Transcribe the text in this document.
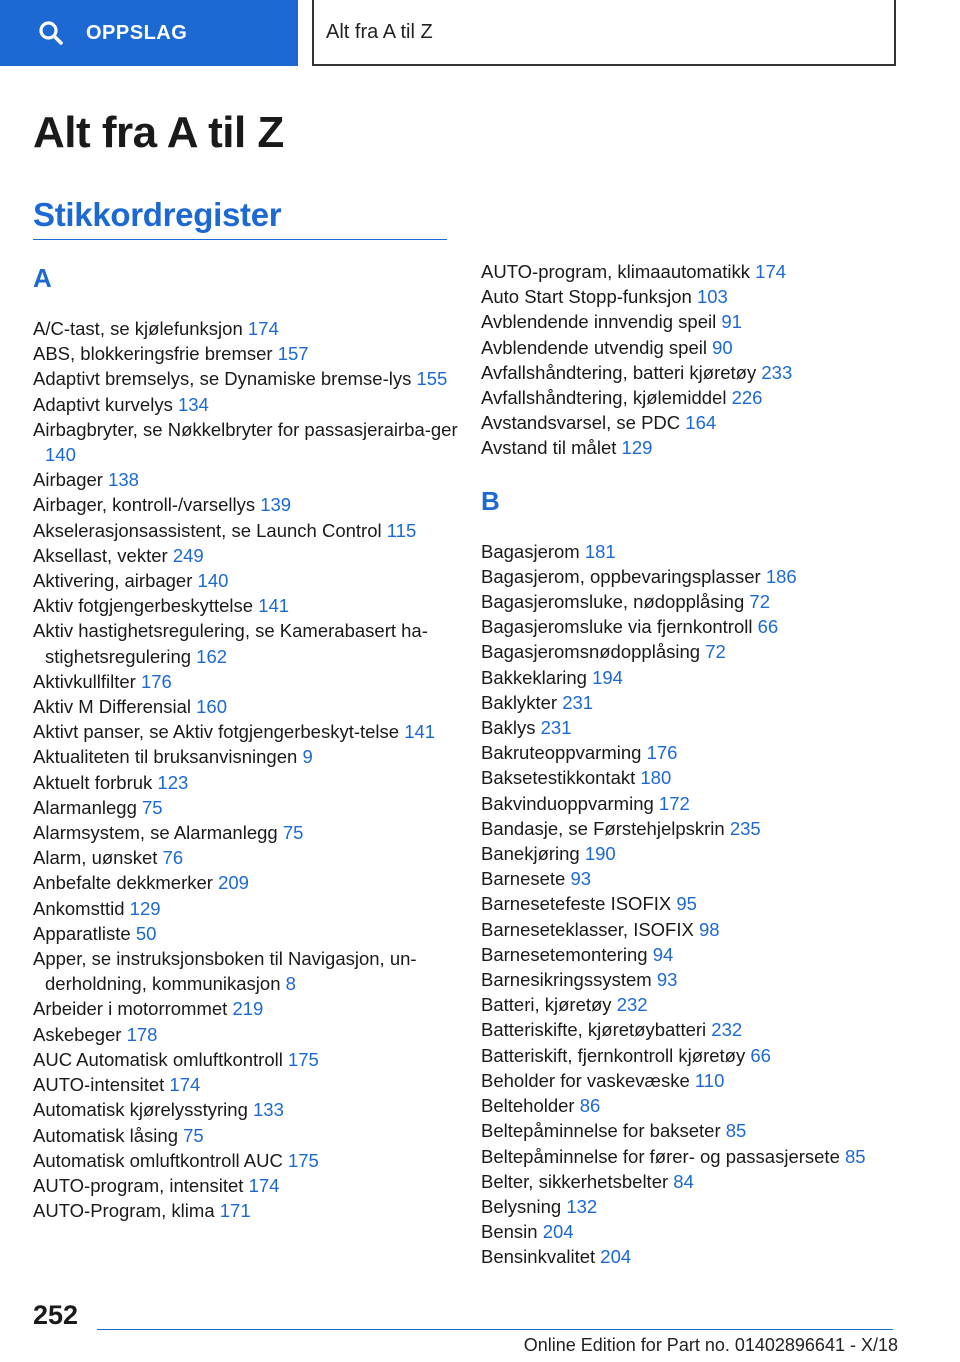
OPPSLAG	Alt fra A til Z
Alt fra A til Z
Stikkordregister
A
A/C-tast, se kjølefunksjon 174
ABS, blokkeringsfrie bremser 157
Adaptivt bremselys, se Dynamiske bremse-lys 155
Adaptivt kurvelys 134
Airbagbryter, se Nøkkelbryter for passasjerairba-ger 140
Airbager 138
Airbager, kontroll-/varsellys 139
Akselerasjonsassistent, se Launch Control 115
Aksellast, vekter 249
Aktivering, airbager 140
Aktiv fotgjengerbeskyttelse 141
Aktiv hastighetsregulering, se Kamerabasert ha-stighetsregulering 162
Aktivkullfilter 176
Aktiv M Differensial 160
Aktivt panser, se Aktiv fotgjengerbeskyt-telse 141
Aktualiteten til bruksanvisningen 9
Aktuelt forbruk 123
Alarmanlegg 75
Alarmsystem, se Alarmanlegg 75
Alarm, uønsket 76
Anbefalte dekkmerker 209
Ankomsttid 129
Apparatliste 50
Apper, se instruksjonsboken til Navigasjon, un-derholdning, kommunikasjon 8
Arbeider i motorrommet 219
Askebeger 178
AUC Automatisk omluftkontroll 175
AUTO-intensitet 174
Automatisk kjørelysstyring 133
Automatisk låsing 75
Automatisk omluftkontroll AUC 175
AUTO-program, intensitet 174
AUTO-Program, klima 171
AUTO-program, klimaautomatikk 174
Auto Start Stopp-funksjon 103
Avblendende innvendig speil 91
Avblendende utvendig speil 90
Avfallshåndtering, batteri kjøretøy 233
Avfallshåndtering, kjølemiddel 226
Avstandsvarsel, se PDC 164
Avstand til målet 129
B
Bagasjerom 181
Bagasjerom, oppbevaringsplasser 186
Bagasjeromsluke, nødopplåsing 72
Bagasjeromsluke via fjernkontroll 66
Bagasjeromsnødopplåsing 72
Bakkeklaring 194
Baklykter 231
Baklys 231
Bakruteoppvarming 176
Baksetestikkontakt 180
Bakvinduoppvarming 172
Bandasje, se Førstehjelpskrin 235
Banekjøring 190
Barnesete 93
Barnesetefeste ISOFIX 95
Barneseteklasser, ISOFIX 98
Barnesetemontering 94
Barnesikringssystem 93
Batteri, kjøretøy 232
Batteriskifte, kjøretøybatteri 232
Batteriskift, fjernkontroll kjøretøy 66
Beholder for vaskevæske 110
Belteholder 86
Beltepåminnelse for bakseter 85
Beltepåminnelse for fører- og passasjersete 85
Belter, sikkerhetsbelter 84
Belysning 132
Bensin 204
Bensinkvalitet 204
252
Online Edition for Part no. 01402896641 - X/18
